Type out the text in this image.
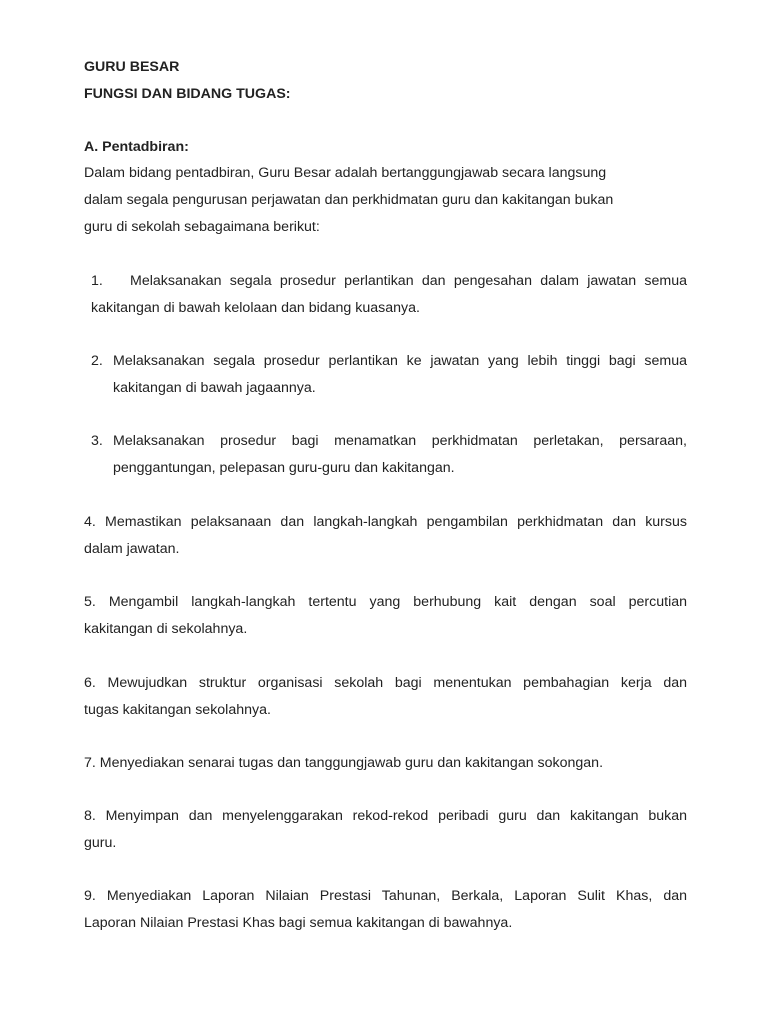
GURU BESAR
FUNGSI DAN BIDANG TUGAS:
A. Pentadbiran:
Dalam bidang pentadbiran, Guru Besar adalah bertanggungjawab secara langsung
dalam segala pengurusan perjawatan dan perkhidmatan guru dan kakitangan bukan
guru di sekolah sebagaimana berikut:
1. Melaksanakan segala prosedur perlantikan dan pengesahan dalam jawatan semua
kakitangan di bawah kelolaan dan bidang kuasanya.
2. Melaksanakan segala prosedur perlantikan ke jawatan yang lebih tinggi bagi semua
kakitangan di bawah jagaannya.
3. Melaksanakan prosedur bagi menamatkan perkhidmatan perletakan, persaraan,
penggantungan, pelepasan guru-guru dan kakitangan.
4. Memastikan pelaksanaan dan langkah-langkah pengambilan perkhidmatan dan kursus
dalam jawatan.
5. Mengambil langkah-langkah tertentu yang berhubung kait dengan soal percutian
kakitangan di sekolahnya.
6. Mewujudkan struktur organisasi sekolah bagi menentukan pembahagian kerja dan
tugas kakitangan sekolahnya.
7. Menyediakan senarai tugas dan tanggungjawab guru dan kakitangan sokongan.
8. Menyimpan dan menyelenggarakan rekod-rekod peribadi guru dan kakitangan bukan
guru.
9. Menyediakan Laporan Nilaian Prestasi Tahunan, Berkala, Laporan Sulit Khas, dan
Laporan Nilaian Prestasi Khas bagi semua kakitangan di bawahnya.
